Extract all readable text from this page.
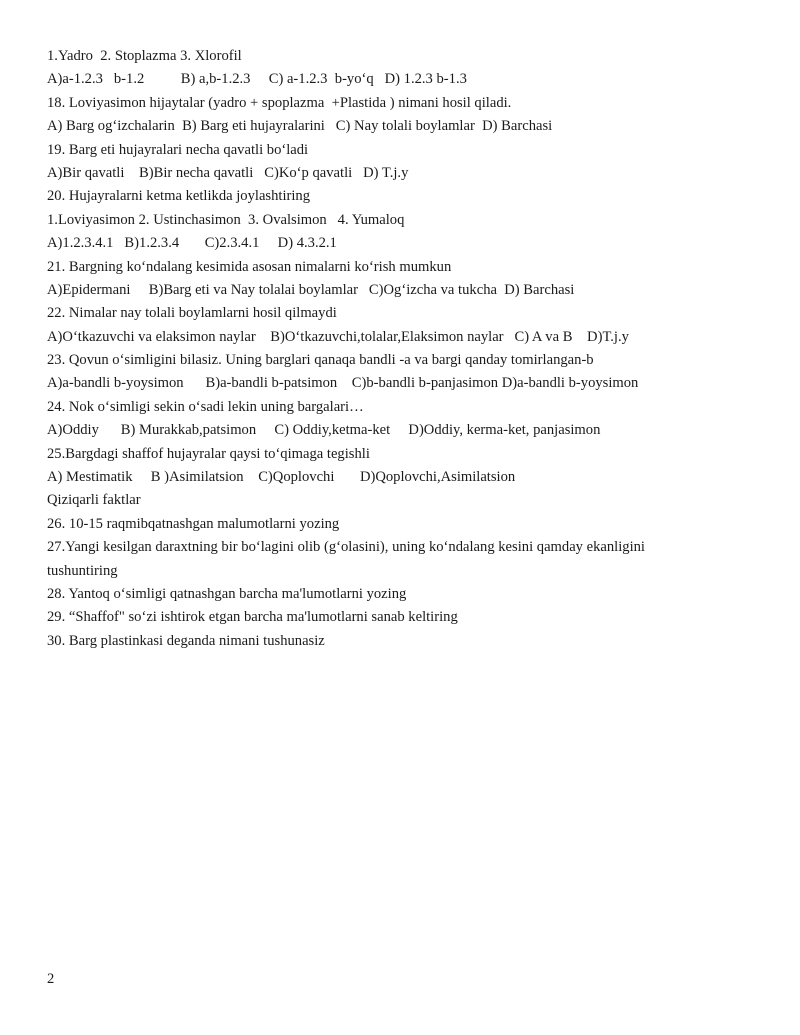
1.Yadro  2. Stoplazma 3. Xlorofil
A)a-1.2.3   b-1.2          B) a,b-1.2.3     C) a-1.2.3  b-yo‘q   D) 1.2.3 b-1.3
18. Loviyasimon hijaytalar (yadro + spoplazma  +Plastida ) nimani hosil qiladi.
A) Barg og‘izchalarin  B) Barg eti hujayralarini   C) Nay tolali boylamlar  D) Barchasi
19. Barg eti hujayralari necha qavatli bo‘ladi
A)Bir qavatli    B)Bir necha qavatli   C)Ko‘p qavatli   D) T.j.y
20. Hujayralarni ketma ketlikda joylashtiring
1.Loviyasimon 2. Ustinchasimon  3. Ovalsimon   4. Yumaloq
A)1.2.3.4.1   B)1.2.3.4       C)2.3.4.1     D) 4.3.2.1
21. Bargning ko‘ndalang kesimida asosan nimalarni ko‘rish mumkun
A)Epidermani     B)Barg eti va Nay tolalai boylamlar   C)Og‘izcha va tukcha  D) Barchasi
22. Nimalar nay tolali boylamlarni hosil qilmaydi
A)O‘tkazuvchi va elaksimon naylar    B)O‘tkazuvchi,tolalar,Elaksimon naylar   C) A va B    D)T.j.y
23. Qovun o‘simligini bilasiz. Uning barglari qanaqa bandli -a va bargi qanday tomirlangan-b
A)a-bandli b-yoysimon      B)a-bandli b-patsimon    C)b-bandli b-panjasimon D)a-bandli b-yoysimon
24. Nok o‘simligi sekin o‘sadi lekin uning bargalari…
A)Oddiy      B) Murakkab,patsimon     C) Oddiy,ketma-ket     D)Oddiy, kerma-ket, panjasimon
25.Bargdagi shaffof hujayralar qaysi to‘qimaga tegishli
A) Mestimatik     B )Asimilatsion    C)Qoplovchi       D)Qoplovchi,Asimilatsion
Qiziqarli faktlar
26. 10-15 raqmibqatnashgan malumotlarni yozing
27.Yangi kesilgan daraxtning bir bo‘lagini olib (g‘olasini), uning ko‘ndalang kesini qamday ekanligini
tushuntiring
28. Yantoq o‘simligi qatnashgan barcha ma'lumotlarni yozing
29. “Shaffof" so‘zi ishtirok etgan barcha ma'lumotlarni sanab keltiring
30. Barg plastinkasi deganda nimani tushunasiz
2
